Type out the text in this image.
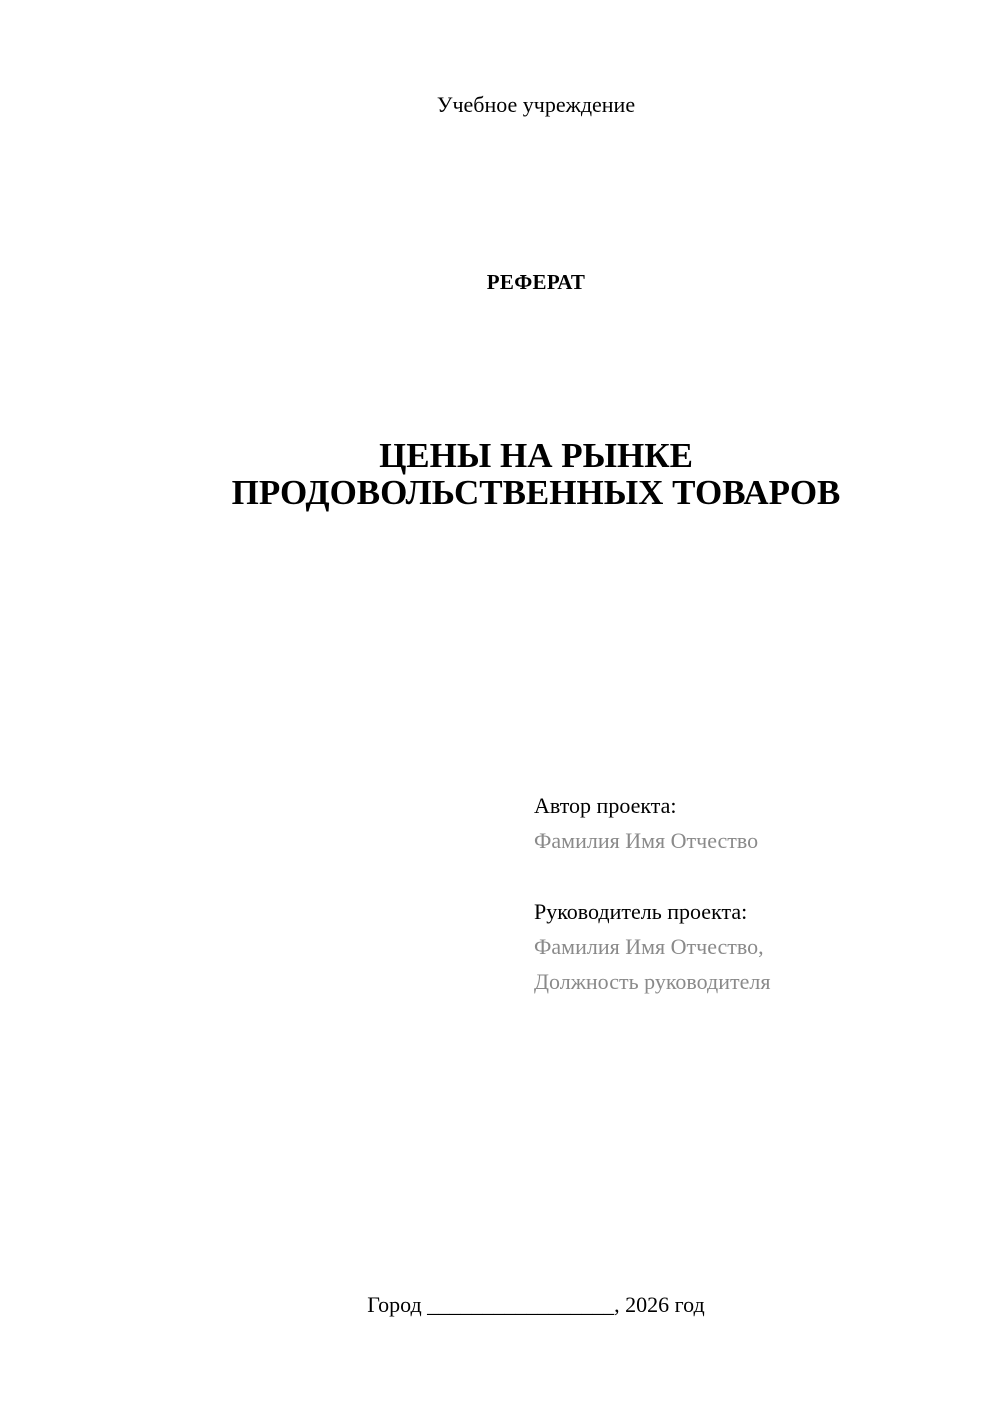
Учебное учреждение
РЕФЕРАТ
ЦЕНЫ НА РЫНКЕ
ПРОДОВОЛЬСТВЕННЫХ ТОВАРОВ
Автор проекта:
Фамилия Имя Отчество
Руководитель проекта:
Фамилия Имя Отчество,
Должность руководителя
Город _________________, 2026 год
